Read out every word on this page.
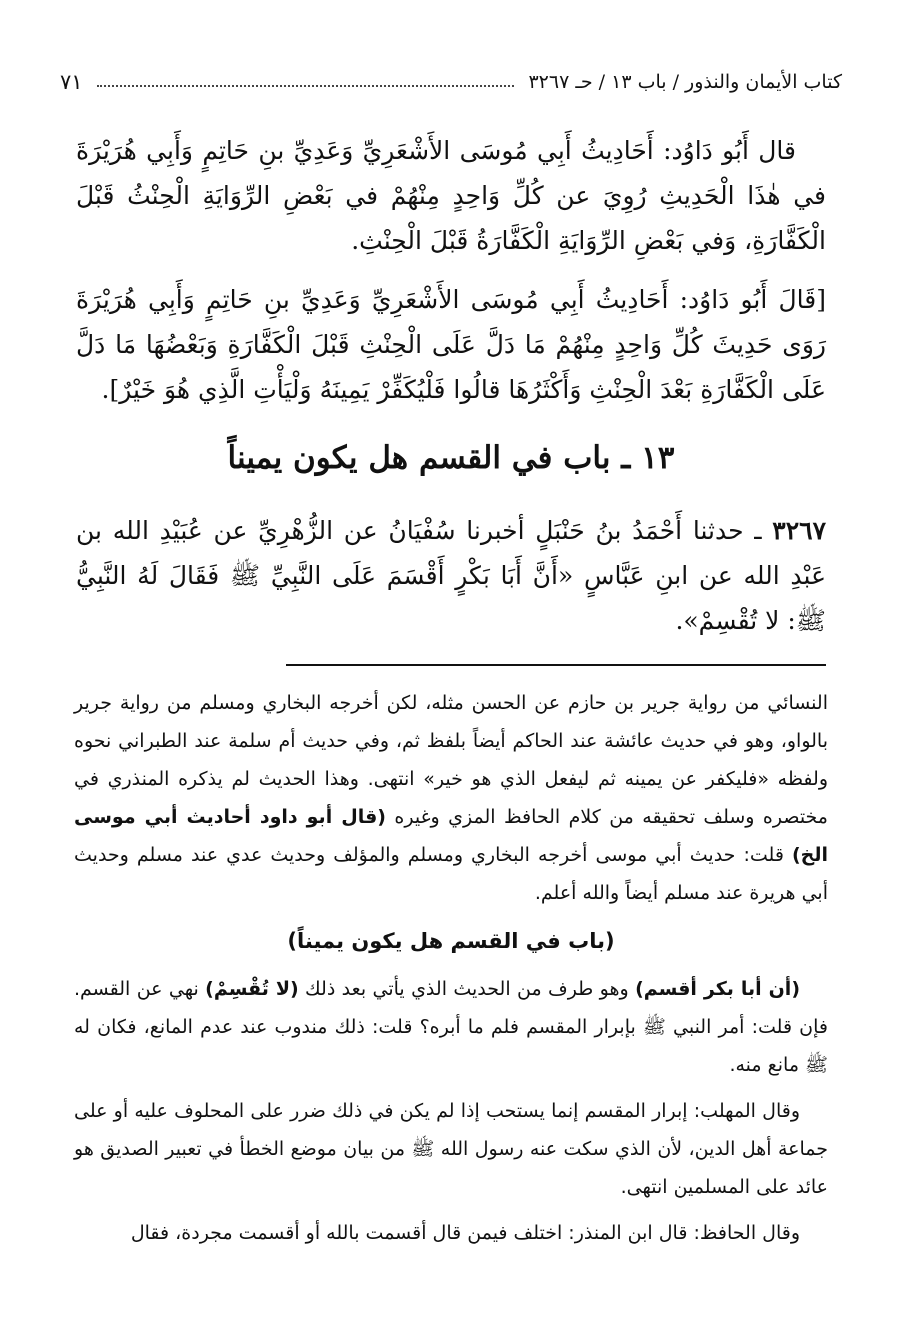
كتاب الأيمان والنذور / باب ١٣ / حـ ٣٢٦٧
٧١

قال أَبُو دَاوُد: أَحَادِيثُ أَبِي مُوسَى الأَشْعَرِيِّ وَعَدِيِّ بنِ حَاتِمٍ وَأَبِي هُرَيْرَةَ في هٰذَا الْحَدِيثِ رُوِيَ عن كُلِّ وَاحِدٍ مِنْهُمْ في بَعْضِ الرِّوَايَةِ الْحِنْثُ قَبْلَ الْكَفَّارَةِ، وَفي بَعْضِ الرِّوَايَةِ الْكَفَّارَةُ قَبْلَ الْحِنْثِ.

[قَالَ أَبُو دَاوُد: أَحَادِيثُ أَبِي مُوسَى الأَشْعَرِيِّ وَعَدِيِّ بنِ حَاتِمٍ وَأَبِي هُرَيْرَةَ رَوَى حَدِيثَ كُلِّ وَاحِدٍ مِنْهُمْ مَا دَلَّ عَلَى الْحِنْثِ قَبْلَ الْكَفَّارَةِ وَبَعْضُهَا مَا دَلَّ عَلَى الْكَفَّارَةِ بَعْدَ الْحِنْثِ وَأَكْثَرُهَا قالُوا فَلْيُكَفِّرْ يَمِينَهُ وَلْيَأْتِ الَّذِي هُوَ خَيْرٌ].

١٣ ـ باب في القسم هل يكون يميناً
٣٢٦٧ ـ حدثنا أَحْمَدُ بنُ حَنْبَلٍ أخبرنا سُفْيَانُ عن الزُّهْرِيِّ عن عُبَيْدِ الله بن عَبْدِ الله عن ابنِ عَبَّاسٍ «أَنَّ أَبَا بَكْرٍ أَقْسَمَ عَلَى النَّبِيِّ ﷺ فَقَالَ لَهُ النَّبِيُّ ﷺ: لا تُقْسِمْ».

النسائي من رواية جرير بن حازم عن الحسن مثله، لكن أخرجه البخاري ومسلم من رواية جرير بالواو، وهو في حديث عائشة عند الحاكم أيضاً بلفظ ثم، وفي حديث أم سلمة عند الطبراني نحوه ولفظه «فليكفر عن يمينه ثم ليفعل الذي هو خير» انتهى. وهذا الحديث لم يذكره المنذري في مختصره وسلف تحقيقه من كلام الحافظ المزي وغيره (قال أبو داود أحاديث أبي موسى الخ) قلت: حديث أبي موسى أخرجه البخاري ومسلم والمؤلف وحديث عدي عند مسلم وحديث أبي هريرة عند مسلم أيضاً والله أعلم.

(باب في القسم هل يكون يميناً)

(أن أبا بكر أقسم) وهو طرف من الحديث الذي يأتي بعد ذلك (لا تُقْسِمْ) نهي عن القسم. فإن قلت: أمر النبي ﷺ بإبرار المقسم فلم ما أبره؟ قلت: ذلك مندوب عند عدم المانع، فكان له ﷺ مانع منه.

وقال المهلب: إبرار المقسم إنما يستحب إذا لم يكن في ذلك ضرر على المحلوف عليه أو على جماعة أهل الدين، لأن الذي سكت عنه رسول الله ﷺ من بيان موضع الخطأ في تعبير الصديق هو عائد على المسلمين انتهى.

وقال الحافظ: قال ابن المنذر: اختلف فيمن قال أقسمت بالله أو أقسمت مجردة، فقال
